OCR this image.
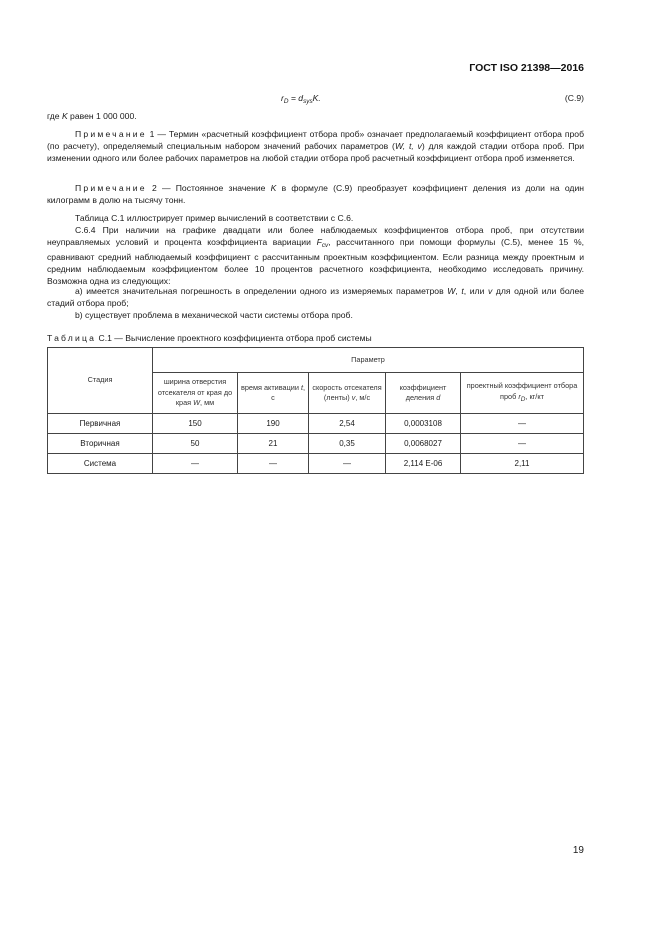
ГОСТ ISO 21398—2016
$r_D = d_{sys}K$.	(С.9)

где K равен 1 000 000.

Примечание 1 — Термин «расчетный коэффициент отбора проб» означает предполагаемый коэффициент отбора проб (по расчету), определяемый специальным набором значений рабочих параметров (W, t, v) для каждой стадии отбора проб. При изменении одного или более рабочих параметров на любой стадии отбора проб расчетный коэффициент отбора проб изменяется.

Примечание 2 — Постоянное значение K в формуле (С.9) преобразует коэффициент деления из доли на один килограмм в долю на тысячу тонн.

Таблица С.1 иллюстрирует пример вычислений в соответствии с С.6.

С.6.4 При наличии на графике двадцати или более наблюдаемых коэффициентов отбора проб, при отсутствии неуправляемых условий и процента коэффициента вариации $F_{cv}$, рассчитанного при помощи формулы (С.5), менее 15 %, сравнивают средний наблюдаемый коэффициент с рассчитанным проектным коэффициентом. Если разница между проектным и средним наблюдаемым коэффициентом более 10 процентов расчетного коэффициента, необходимо исследовать причину. Возможна одна из следующих:

a) имеется значительная погрешность в определении одного из измеряемых параметров W, t, или v для одной или более стадий отбора проб;

b) существует проблема в механической части системы отбора проб.

Таблица С.1 — Вычисление проектного коэффициента отбора проб системы

Стадия	Параметр				
	ширина отверстия отсекателя от края до края W, мм	время активации t, с	скорость отсекателя (ленты) v, м/с	коэффициент деления d	проектный коэффициент отбора проб rD, кг/кт
Первичная	150	190	2,54	0,0003108	—
Вторичная	50	21	0,35	0,0068027	—
Система	—	—	—	2,114 Е-06	2,11
19
